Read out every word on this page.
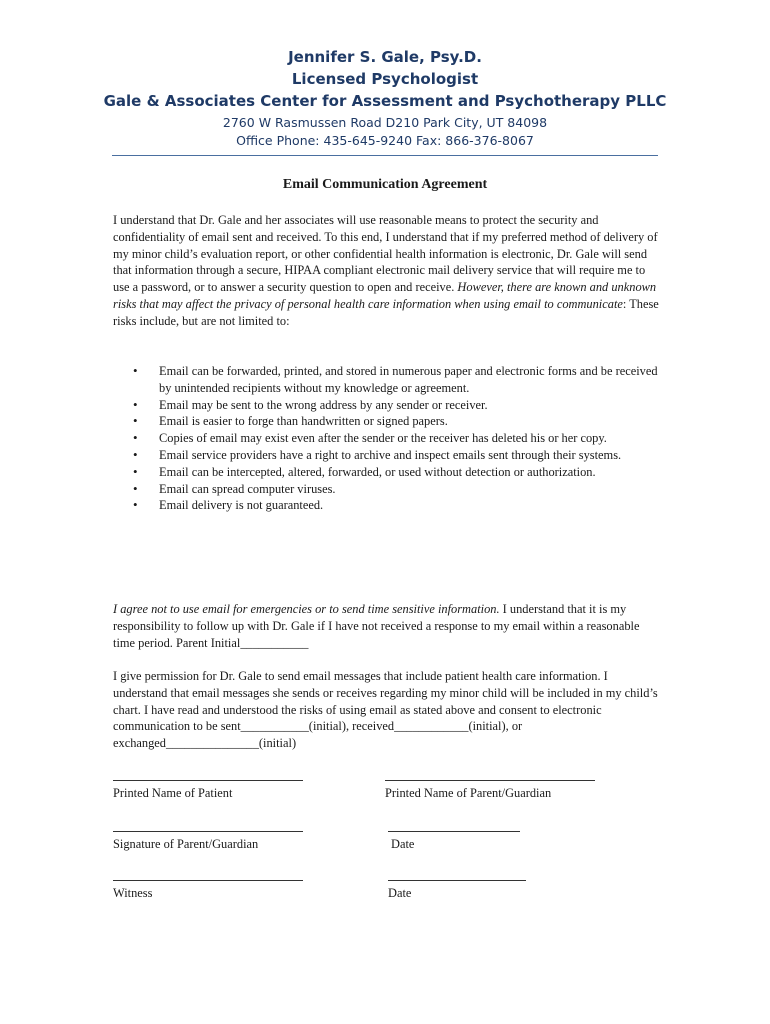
Jennifer S. Gale, Psy.D.
Licensed Psychologist
Gale & Associates Center for Assessment and Psychotherapy PLLC
2760 W Rasmussen Road D210 Park City, UT 84098
Office Phone: 435-645-9240 Fax: 866-376-8067
Email Communication Agreement
I understand that Dr. Gale and her associates will use reasonable means to protect the security and confidentiality of email sent and received. To this end, I understand that if my preferred method of delivery of my minor child’s evaluation report, or other confidential health information is electronic, Dr. Gale will send that information through a secure, HIPAA compliant electronic mail delivery service that will require me to use a password, or to answer a security question to open and receive. However, there are known and unknown risks that may affect the privacy of personal health care information when using email to communicate: These risks include, but are not limited to:
• Email can be forwarded, printed, and stored in numerous paper and electronic forms and be received by unintended recipients without my knowledge or agreement.
• Email may be sent to the wrong address by any sender or receiver.
• Email is easier to forge than handwritten or signed papers.
• Copies of email may exist even after the sender or the receiver has deleted his or her copy.
• Email service providers have a right to archive and inspect emails sent through their systems.
• Email can be intercepted, altered, forwarded, or used without detection or authorization.
• Email can spread computer viruses.
• Email delivery is not guaranteed.
I agree not to use email for emergencies or to send time sensitive information. I understand that it is my responsibility to follow up with Dr. Gale if I have not received a response to my email within a reasonable time period. Parent Initial___________
I give permission for Dr. Gale to send email messages that include patient health care information. I understand that email messages she sends or receives regarding my minor child will be included in my child’s chart. I have read and understood the risks of using email as stated above and consent to electronic communication to be sent___________(initial), received____________(initial), or exchanged_______________(initial)
Printed Name of Patient	Printed Name of Parent/Guardian
Signature of Parent/Guardian	Date
Witness	Date
